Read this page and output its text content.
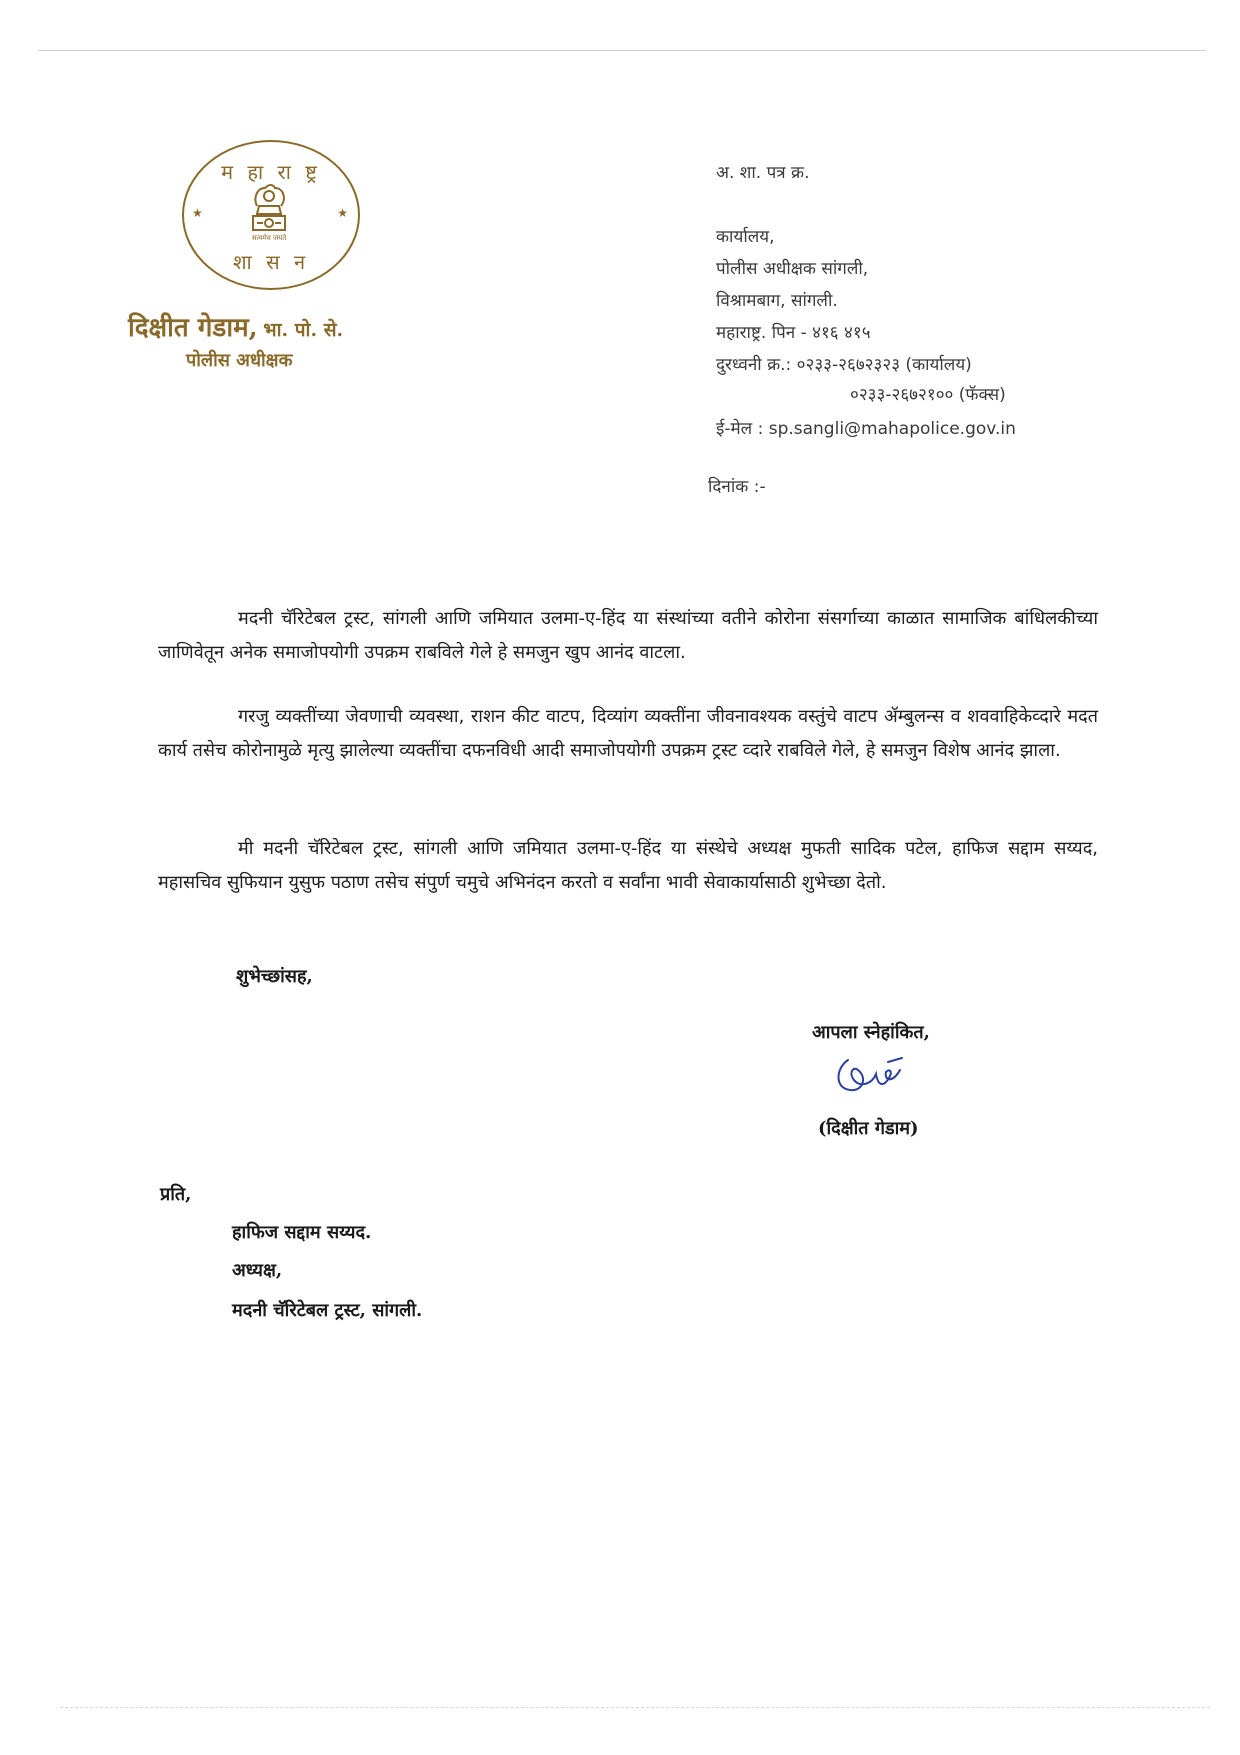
म हा रा ष्ट्र
★	★
सत्यमेव जयते
शा स न
दिक्षीत गेडाम, भा. पो. से.
पोलीस अधीक्षक
अ. शा. पत्र क्र.
कार्यालय,
पोलीस अधीक्षक सांगली,
विश्रामबाग, सांगली.
महाराष्ट्र. पिन - ४१६ ४१५
दुरध्वनी क्र.: ०२३३-२६७२३२३ (कार्यालय)
०२३३-२६७२१०० (फॅक्स)
ई-मेल : sp.sangli@mahapolice.gov.in
दिनांक :-
मदनी चॅरिटेबल ट्रस्ट, सांगली आणि जमियात उलमा-ए-हिंद या संस्थांच्या वतीने कोरोना संसर्गाच्या काळात सामाजिक बांधिलकीच्या जाणिवेतून अनेक समाजोपयोगी उपक्रम राबविले गेले हे समजुन खुप आनंद वाटला.
गरजु व्यक्तींच्या जेवणाची व्यवस्था, राशन कीट वाटप, दिव्यांग व्यक्तींना जीवनावश्यक वस्तुंचे वाटप ॲम्बुलन्स व शववाहिकेव्दारे मदत कार्य तसेच कोरोनामुळे मृत्यु झालेल्या व्यक्तींचा दफनविधी आदी समाजोपयोगी उपक्रम ट्रस्ट व्दारे राबविले गेले, हे समजुन विशेष आनंद झाला.
मी मदनी चॅरिटेबल ट्रस्ट, सांगली आणि जमियात उलमा-ए-हिंद या संस्थेचे अध्यक्ष मुफती सादिक पटेल, हाफिज सद्दाम सय्यद, महासचिव सुफियान युसुफ पठाण तसेच संपुर्ण चमुचे अभिनंदन करतो व सर्वांना भावी सेवाकार्यासाठी शुभेच्छा देतो.
शुभेच्छांसह,
आपला स्नेहांकित,
(दिक्षीत गेडाम)
प्रति,
हाफिज सद्दाम सय्यद.
अध्यक्ष,
मदनी चॅरिटेबल ट्रस्ट, सांगली.
